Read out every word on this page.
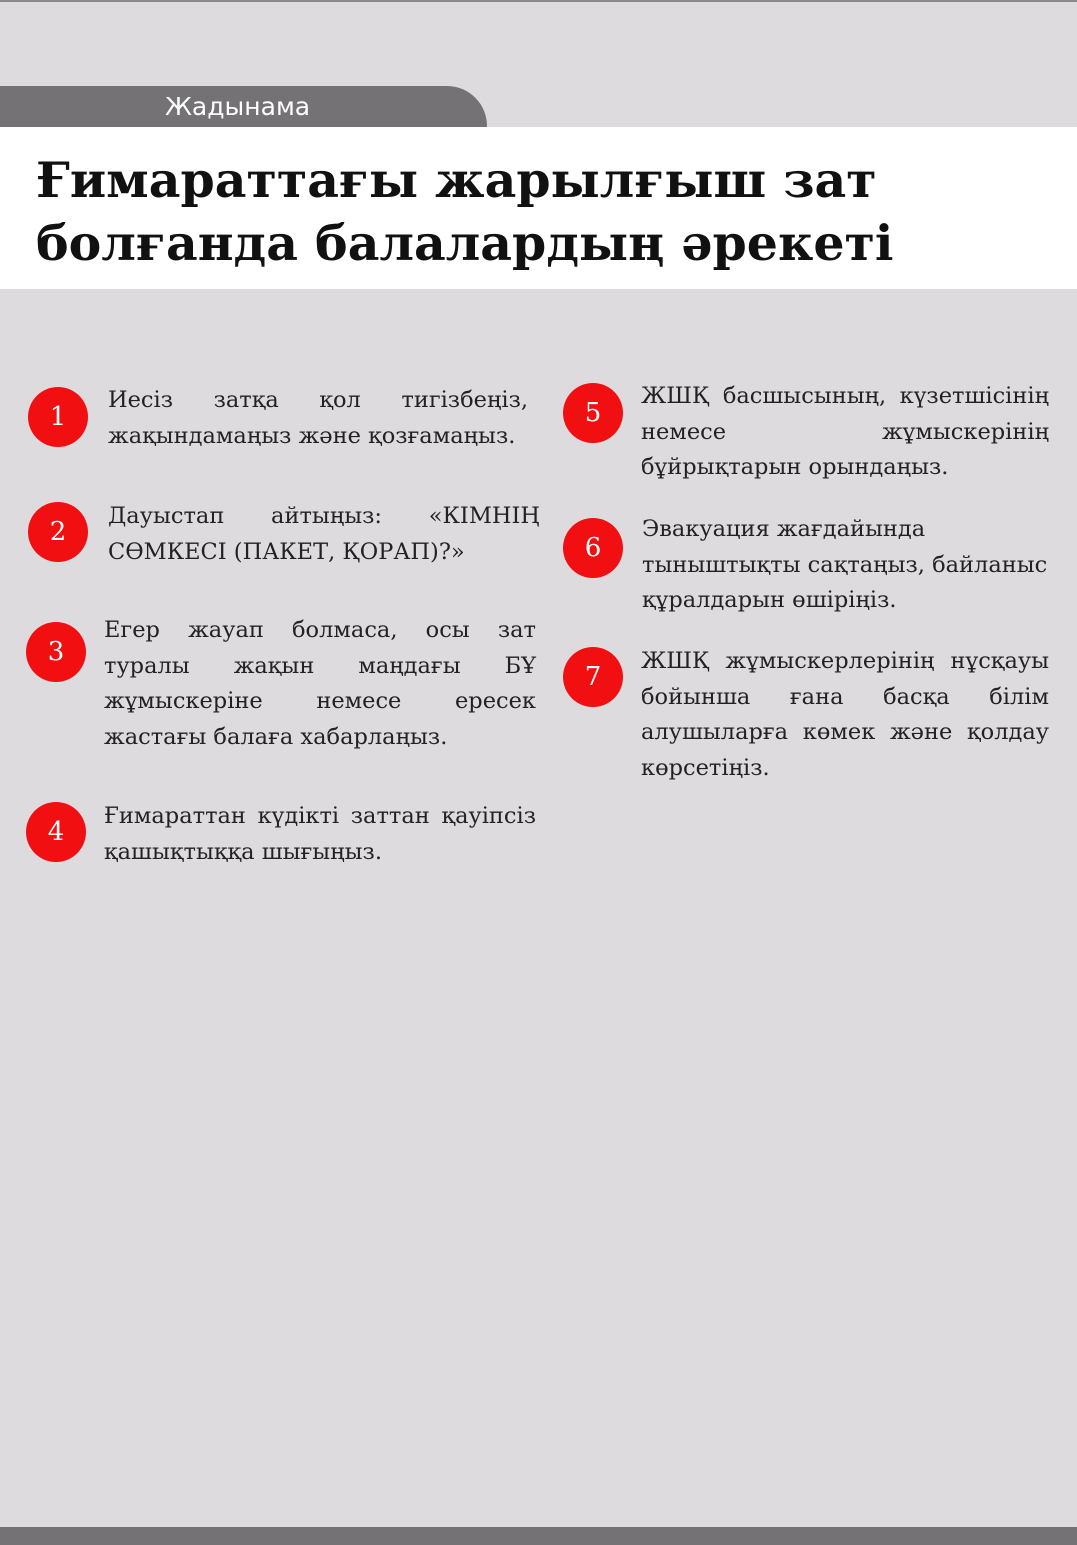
Жадынама
Ғимараттағы жарылғыш зат
болғанда балалардың әрекеті
1
Иесіз затқа қол тигізбеңіз, жақындамаңыз және қозғамаңыз.
2
Дауыстап айтыңыз: «КІМНІҢ СӨМКЕСІ (ПАКЕТ, ҚОРАП)?»
3
Егер жауап болмаса, осы зат туралы жақын маңдағы БҰ жұмыскеріне немесе ересек жастағы балаға хабарлаңыз.
4
Ғимараттан күдікті заттан қауіпсіз қашықтыққа шығыңыз.
5
ЖШҚ басшысының, күзетшісінің немесе жұмыскерінің бұйрықтарын орындаңыз.
6
Эвакуация жағдайында тыныштықты сақтаңыз, байланыс құралдарын өшіріңіз.
7
ЖШҚ жұмыскерлерінің нұсқауы бойынша ғана басқа білім алушыларға көмек және қолдау көрсетіңіз.
